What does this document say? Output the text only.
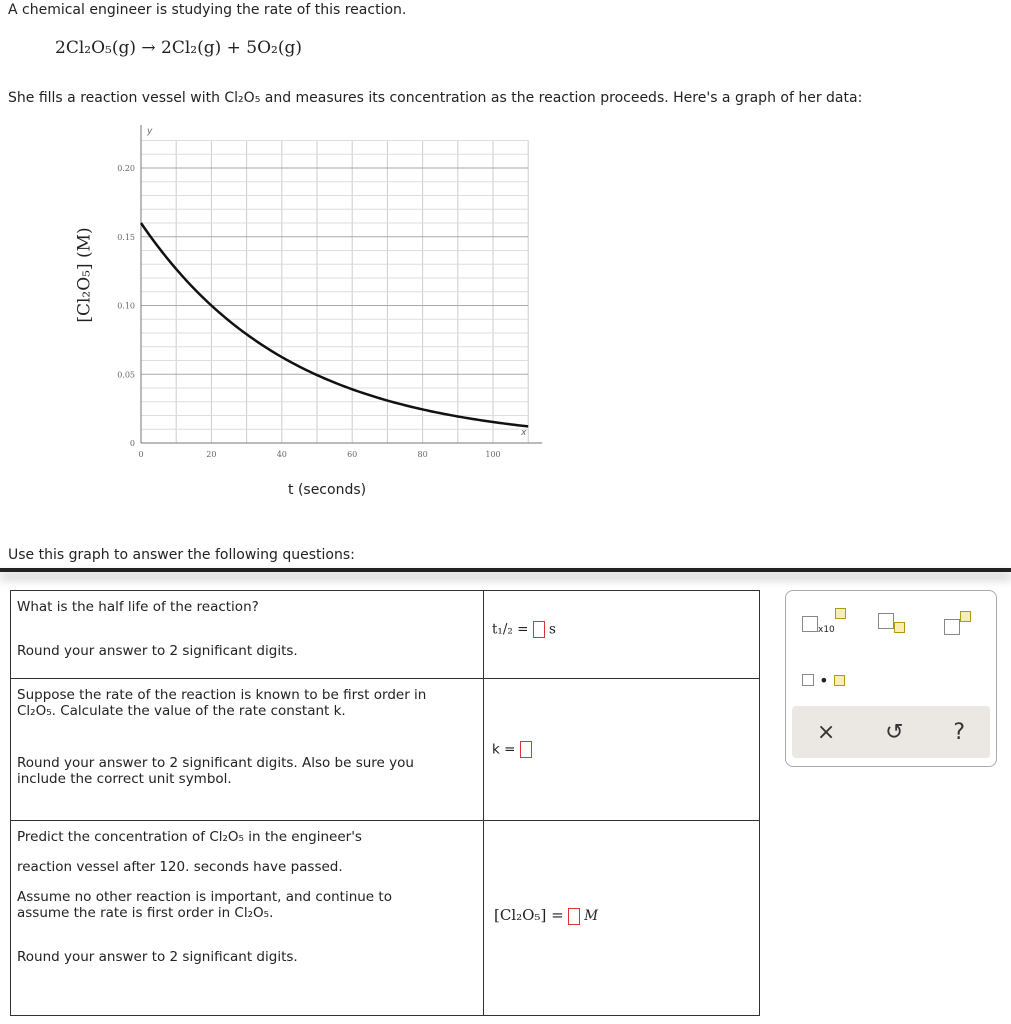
A chemical engineer is studying the rate of this reaction.
2Cl₂O₅(g) → 2Cl₂(g) + 5O₂(g)
She fills a reaction vessel with Cl₂O₅ and measures its concentration as the reaction proceeds. Here's a graph of her data:
0	20	40	60	80	100
0
0.05
0.10
0.15
0.20
y
x
[Cl₂O₅] (M)
t (seconds)
Use this graph to answer the following questions:
What is the half life of the reaction?
Round your answer to 2 significant digits.	t₁/₂ = s

Suppose the rate of the reaction is known to be first order in Cl₂O₅. Calculate the value of the rate constant k.
Round your answer to 2 significant digits. Also be sure you include the correct unit symbol.	k =

Predict the concentration of Cl₂O₅ in the engineer's
reaction vessel after 120. seconds have passed.
Assume no other reaction is important, and continue to assume the rate is first order in Cl₂O₅.
Round your answer to 2 significant digits.	[Cl₂O₅] = M
x10
•
× ↺ ?
